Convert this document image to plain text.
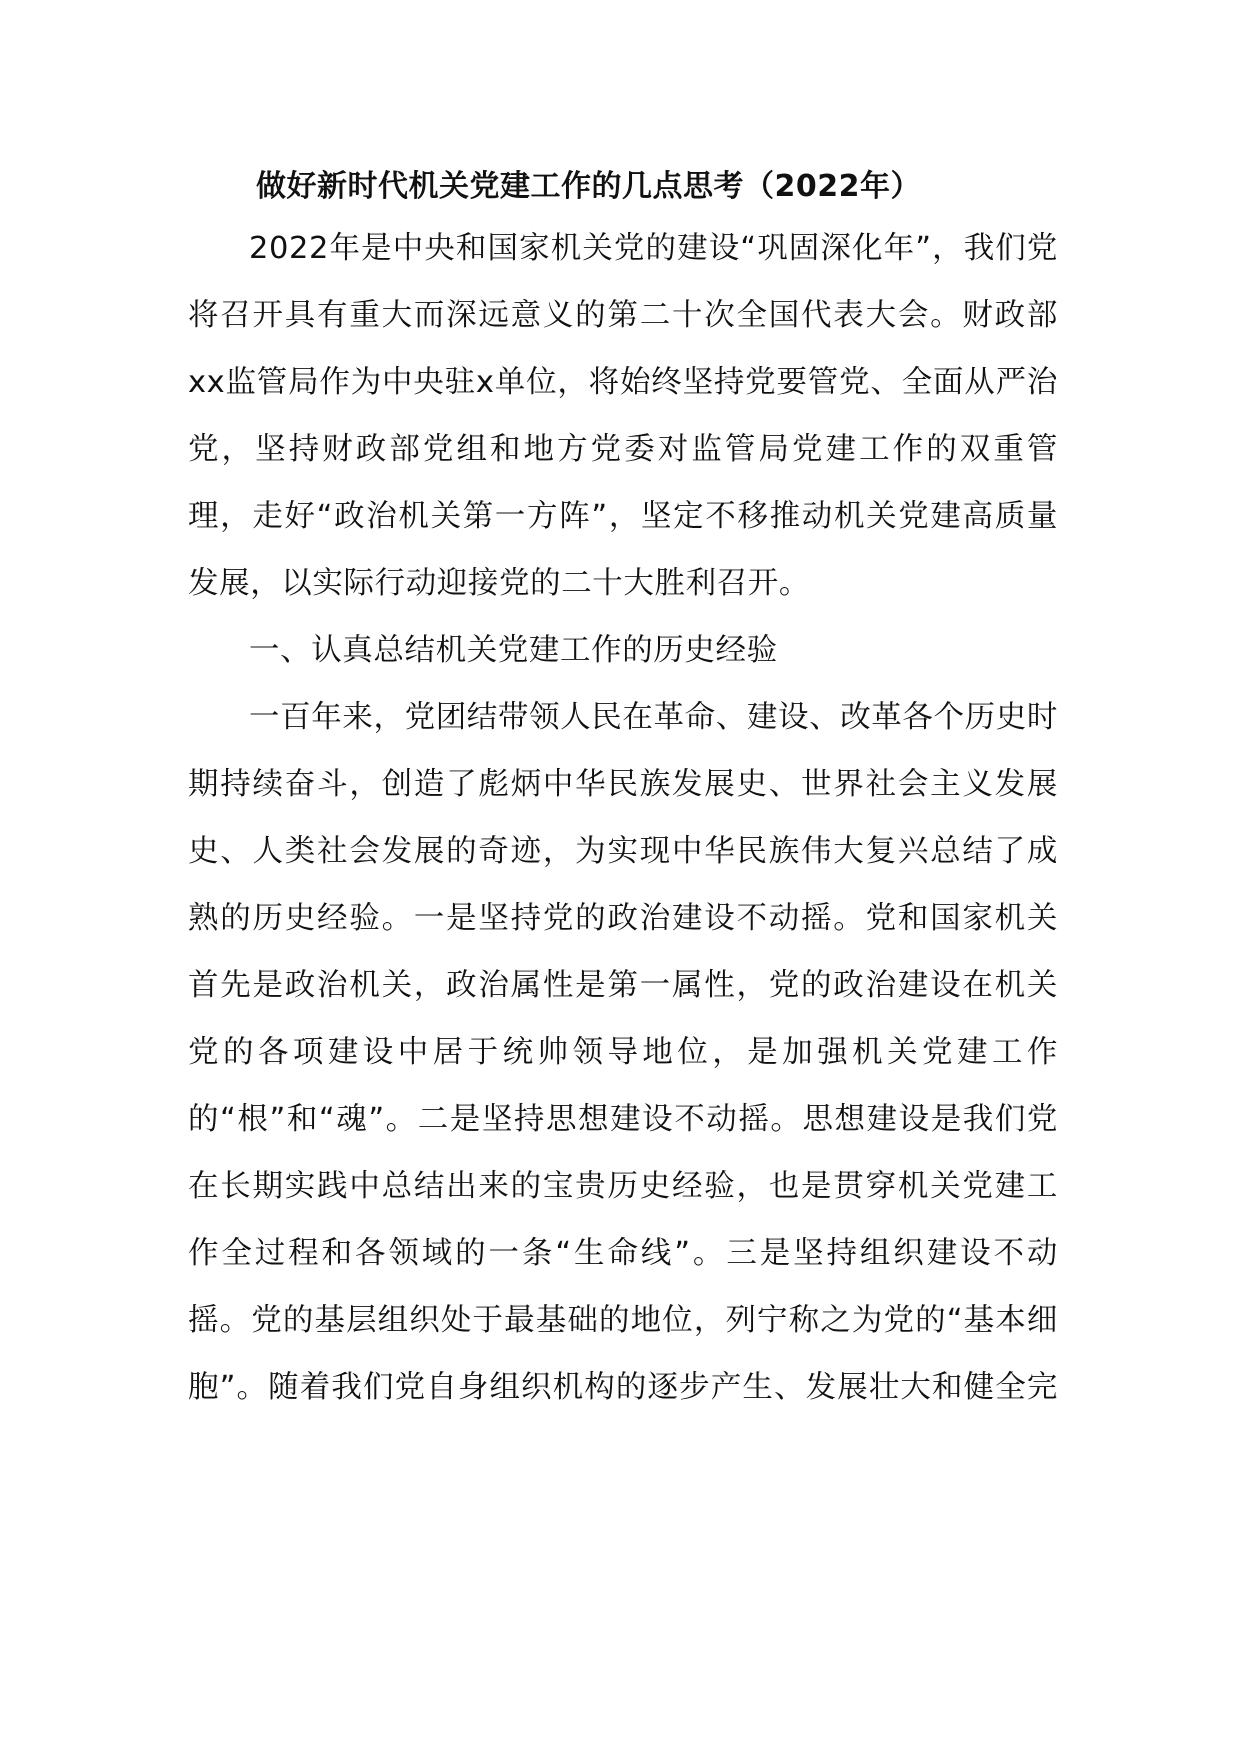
做好新时代机关党建工作的几点思考（2022年）

2022年是中央和国家机关党的建设“巩固深化年”，我们党将召开具有重大而深远意义的第二十次全国代表大会。财政部xx监管局作为中央驻x单位，将始终坚持党要管党、全面从严治党，坚持财政部党组和地方党委对监管局党建工作的双重管理，走好“政治机关第一方阵”，坚定不移推动机关党建高质量发展，以实际行动迎接党的二十大胜利召开。

一、认真总结机关党建工作的历史经验

一百年来，党团结带领人民在革命、建设、改革各个历史时期持续奋斗，创造了彪炳中华民族发展史、世界社会主义发展史、人类社会发展的奇迹，为实现中华民族伟大复兴总结了成熟的历史经验。一是坚持党的政治建设不动摇。党和国家机关首先是政治机关，政治属性是第一属性，党的政治建设在机关党的各项建设中居于统帅领导地位，是加强机关党建工作的“根”和“魂”。二是坚持思想建设不动摇。思想建设是我们党在长期实践中总结出来的宝贵历史经验，也是贯穿机关党建工作全过程和各领域的一条“生命线”。三是坚持组织建设不动摇。党的基层组织处于最基础的地位，列宁称之为党的“基本细胞”。随着我们党自身组织机构的逐步产生、发展壮大和健全完
